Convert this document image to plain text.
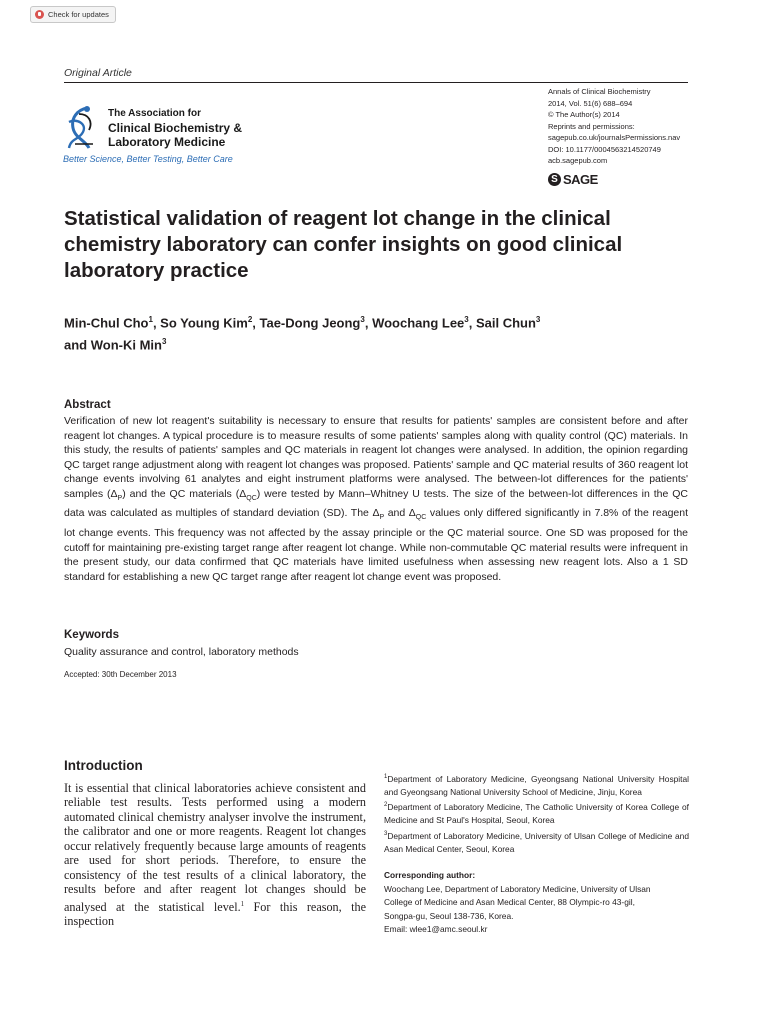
Check for updates
Original Article
The Association for
Clinical Biochemistry &
Laboratory Medicine
Better Science, Better Testing, Better Care
Annals of Clinical Biochemistry
2014, Vol. 51(6) 688–694
© The Author(s) 2014
Reprints and permissions:
sagepub.co.uk/journalsPermissions.nav
DOI: 10.1177/0004563214520749
acb.sagepub.com
S SAGE
Statistical validation of reagent lot change in the clinical chemistry laboratory can confer insights on good clinical laboratory practice
Min-Chul Cho$^1$, So Young Kim$^2$, Tae-Dong Jeong$^3$, Woochang Lee$^3$, Sail Chun$^3$
and Won-Ki Min$^3$
Abstract

Verification of new lot reagent's suitability is necessary to ensure that results for patients' samples are consistent before and after reagent lot changes. A typical procedure is to measure results of some patients' samples along with quality control (QC) materials. In this study, the results of patients' samples and QC materials in reagent lot changes were analysed. In addition, the opinion regarding QC target range adjustment along with reagent lot changes was proposed. Patients' sample and QC material results of 360 reagent lot change events involving 61 analytes and eight instrument platforms were analysed. The between-lot differences for the patients' samples $(\Delta_P)$ and the QC materials $(\Delta_{QC})$ were tested by Mann–Whitney U tests. The size of the between-lot differences in the QC data was calculated as multiples of standard deviation (SD). The $\Delta_P$ and $\Delta_{QC}$ values only differed significantly in 7.8% of the reagent lot change events. This frequency was not affected by the assay principle or the QC material source. One SD was proposed for the cutoff for maintaining pre-existing target range after reagent lot change. While non-commutable QC material results were infrequent in the present study, our data confirmed that QC materials have limited usefulness when assessing new reagent lots. Also a 1 SD standard for establishing a new QC target range after reagent lot change event was proposed.

Keywords
Quality assurance and control, laboratory methods
Accepted: 30th December 2013
Introduction

It is essential that clinical laboratories achieve consistent and reliable test results. Tests performed using a modern automated clinical chemistry analyser involve the instrument, the calibrator and one or more reagents. Reagent lot changes occur relatively frequently because large amounts of reagents are used for short periods. Therefore, to ensure the consistency of the test results of a clinical laboratory, the results before and after reagent lot changes should be analysed at the statistical level.$^1$ For this reason, the inspection

$^1$Department of Laboratory Medicine, Gyeongsang National University Hospital and Gyeongsang National University School of Medicine, Jinju, Korea

$^2$Department of Laboratory Medicine, The Catholic University of Korea College of Medicine and St Paul's Hospital, Seoul, Korea

$^3$Department of Laboratory Medicine, University of Ulsan College of Medicine and Asan Medical Center, Seoul, Korea

Corresponding author:
Woochang Lee, Department of Laboratory Medicine, University of Ulsan
College of Medicine and Asan Medical Center, 88 Olympic-ro 43-gil,
Songpa-gu, Seoul 138-736, Korea.
Email: wlee1@amc.seoul.kr
